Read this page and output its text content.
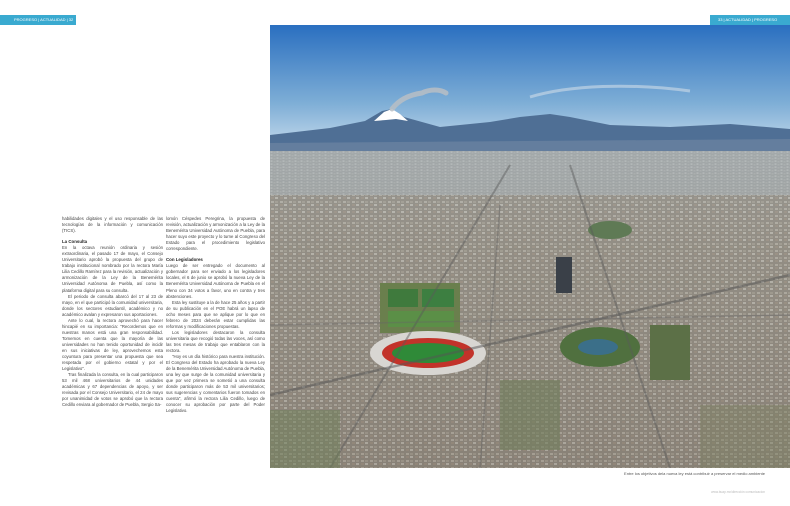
PROGRESO | ACTUALIDAD | 32	33 | ACTUALIDAD | PROGRESO

habilidades digitales y el uso responsable de las tecnologías de la información y comunicación (TICS).

La Consulta

En la octava reunión ordinaria y sesión extraordinaria, el pasado 17 de mayo, el Consejo Universitario aprobó la propuesta del grupo de trabajo institucional nombrado por la rectora María Lilia Cedillo Ramírez para la revisión, actualización y armonización de la Ley de la Benemérita Universidad Autónoma de Puebla, así como la plataforma digital para su consulta.

El periodo de consulta abarcó del 17 al 23 de mayo, en el que participó la comunidad universitaria, donde los sectores estudiantil, académico y no académico avalan y expresaron sus aportaciones.

Ante lo cual, la rectora aprovechó para hacer hincapié en su importancia: "Recordemos que en nuestras manos está una gran responsabilidad. Tomemos en cuenta que la mayoría de las universidades no han tenido oportunidad de incidir en sus iniciativas de ley, aprovechemos esta coyuntura para presentar una propuesta que sea respetada por el gobierno estatal y por el Legislativo".

Tras finalizada la consulta, en la cual participaron 53 mil 468 universitarios de 44 unidades académicas y 67 dependencias de apoyo, y ser revisada por el Consejo Universitario, el 24 de mayo por unanimidad de votos se aprobó que la rectora Cedillo enviara al gobernador de Puebla, Sergio Sa-

lomón Céspedes Peregrina, la propuesta de revisión, actualización y armonización a la Ley de la Benemérita Universidad Autónoma de Puebla, para hacer suyo este proyecto y lo turne al Congreso del Estado para el procedimiento legislativo correspondiente.

Con Legisladores

Luego de ser entregado el documento al gobernador para ser enviado a los legisladores locales, el 6 de junio se aprobó la nueva Ley de la Benemérita Universidad Autónoma de Puebla en el Pleno con 34 votos a favor, uno en contra y tres abstenciones.

Esta ley sustituye a la de hace 25 años y a partir de su publicación en el POE habrá un lapso de ocho meses para que se aplique por lo que en febrero de 2024 deberán estar cumplidas las reformas y modificaciones propuestas.

Los legisladores destacaron la consulta universitaria que recogió todas las voces, así como las tres mesas de trabajo que entablaron con la rectora.

"Hoy es un día histórico para nuestra institución. El Congreso del Estado ha aprobado la nueva Ley de la Benemérita Universidad Autónoma de Puebla, una ley que surge de la comunidad universitaria y que por vez primera se sometió a una consulta donde participaron más de 53 mil universitarios; sus sugerencias y comentarios fueron tomados en cuenta", afirmó la rectora Lilia Cedillo, luego de conocer su aprobación por parte del Poder Legislativo.

Entre los objetivos dela nueva ley está contribuir a preservar el medio ambiente
www.buap.mx/dirección comunicacion
